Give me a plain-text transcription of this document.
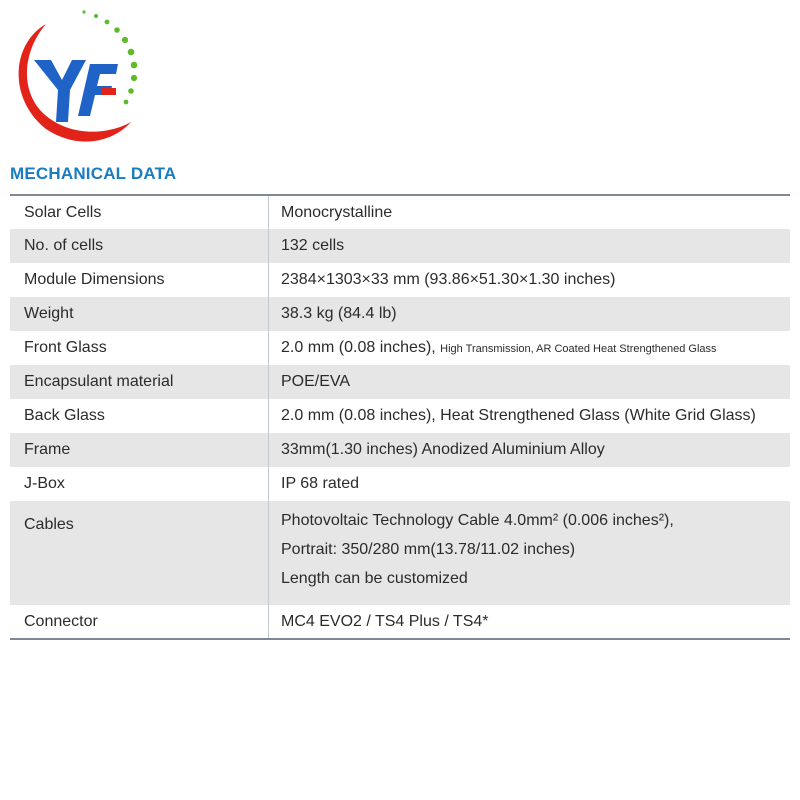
MECHANICAL DATA
Solar Cells	Monocrystalline
No. of cells	132 cells
Module Dimensions	2384×1303×33 mm (93.86×51.30×1.30 inches)
Weight	38.3 kg (84.4 lb)
Front Glass	2.0 mm (0.08 inches), High Transmission, AR Coated Heat Strengthened Glass
Encapsulant material	POE/EVA
Back Glass	2.0 mm (0.08 inches), Heat Strengthened Glass (White Grid Glass)
Frame	33mm(1.30 inches) Anodized Aluminium Alloy
J-Box	IP 68 rated
Cables	Photovoltaic Technology Cable 4.0mm² (0.006 inches²),
Portrait: 350/280 mm(13.78/11.02 inches)
Length can be customized

Connector	MC4 EVO2 / TS4 Plus / TS4*
